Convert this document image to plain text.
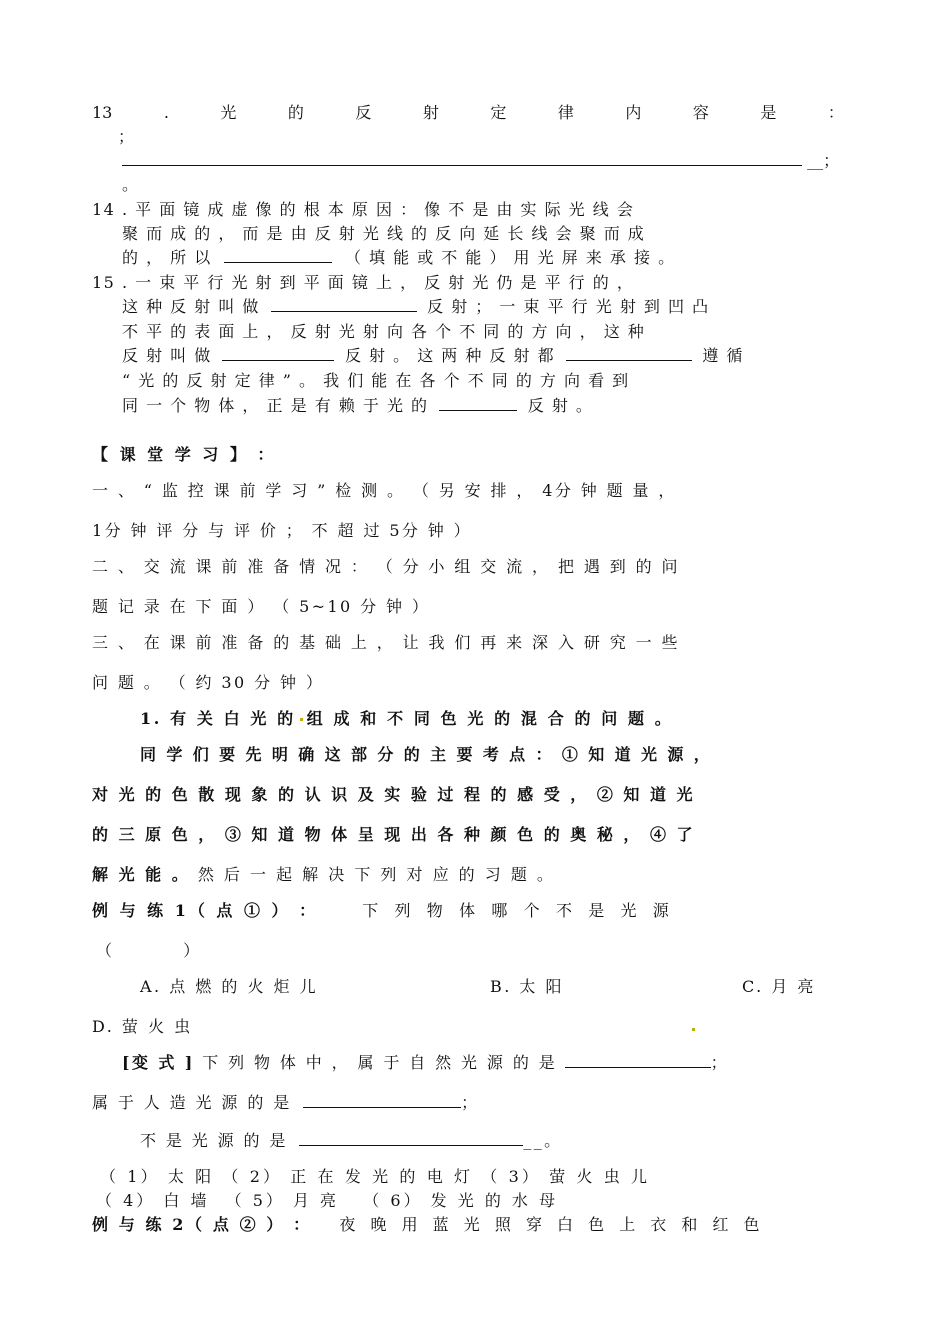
13	.	光	的	反	射	定	律	内	容	是	：
；
__；
。
14 . 平 面 镜 成 虚 像 的 根 本 原 因 ： 像 不 是 由 实 际 光 线 会
聚 而 成 的 ， 而 是 由 反 射 光 线 的 反 向 延 长 线 会 聚 而 成
的 ， 所 以	（ 填 能 或 不 能 ） 用 光 屏 来 承 接 。
15 . 一 束 平 行 光 射 到 平 面 镜 上 ， 反 射 光 仍 是 平 行 的 ，
这 种 反 射 叫 做	反 射 ； 一 束 平 行 光 射 到 凹 凸
不 平 的 表 面 上 ， 反 射 光 射 向 各 个 不 同 的 方 向 ， 这 种
反 射 叫 做	反 射 。 这 两 种 反 射 都	遵 循
“ 光 的 反 射 定 律 ” 。 我 们 能 在 各 个 不 同 的 方 向 看 到
同 一 个 物 体 ， 正 是 有 赖 于 光 的	反 射 。
【 课 堂 学 习 】 ：
一 、 “ 监 控 课 前 学 习 ” 检 测 。 （ 另 安 排 ， 4分 钟 题 量 ，
1分 钟 评 分 与 评 价 ； 不 超 过 5分 钟 ）
二 、 交 流 课 前 准 备 情 况 ： （ 分 小 组 交 流 ， 把 遇 到 的 问
题 记 录 在 下 面 ） （ 5~10 分 钟 ）
三 、 在 课 前 准 备 的 基 础 上 ， 让 我 们 再 来 深 入 研 究 一 些
问 题 。 （ 约 30 分 钟 ）
1. 有 关 白 光 的 组 成 和 不 同 色 光 的 混 合 的 问 题 。
同 学 们 要 先 明 确 这 部 分 的 主 要 考 点 ： ① 知 道 光 源 ，
对 光 的 色 散 现 象 的 认 识 及 实 验 过 程 的 感 受 ， ② 知 道 光
的 三 原 色 ， ③ 知 道 物 体 呈 现 出 各 种 颜 色 的 奥 秘 ， ④ 了
解 光 能 。 然 后 一 起 解 决 下 列 对 应 的 习 题 。
例 与 练 1（ 点 ① ） ：	下 列 物 体 哪 个 不 是 光 源
（              ）
A. 点 燃 的 火 炬 儿	B. 太 阳	C. 月 亮
D. 萤 火 虫
[变 式 ] 下 列 物 体 中 ， 属 于 自 然 光 源 的 是	；
属 于 人 造 光 源 的 是	；
不 是 光 源 的 是	__。
（ 1） 太 阳 （ 2） 正 在 发 光 的 电 灯 （ 3） 萤 火 虫 儿
（ 4） 白 墙  （ 5） 月 亮   （ 6） 发 光 的 水 母
例 与 练 2（ 点 ② ） ： 夜 晚 用 蓝 光 照 穿 白 色 上 衣 和 红 色
